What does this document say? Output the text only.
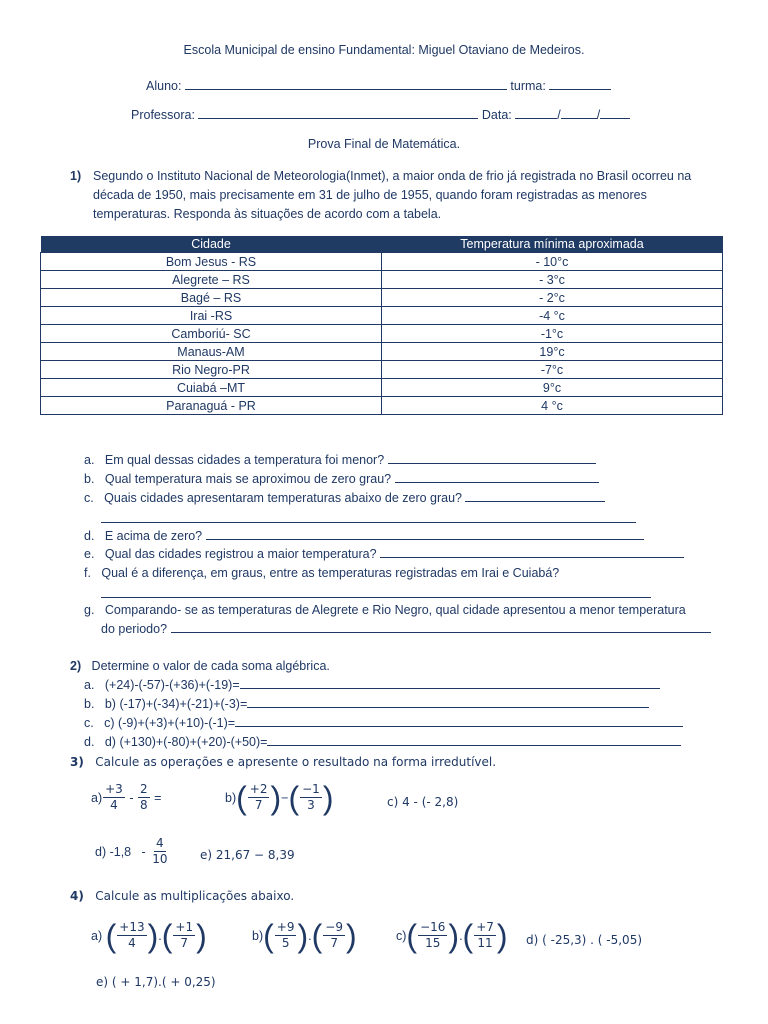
Escola Municipal de ensino Fundamental: Miguel Otaviano de Medeiros.
Aluno:	turma:
Professora:	Data:	/	/
Prova Final de Matemática.
1) Segundo o Instituto Nacional de Meteorologia(Inmet), a maior onda de frio já registrada no Brasil ocorreu na
década de 1950, mais precisamente em 31 de julho de 1955, quando foram registradas as menores
temperaturas. Responda às situações de acordo com a tabela.
Cidade	Temperatura mínima aproximada
Bom Jesus - RS	- 10°c
Alegrete – RS	- 3°c
Bagé – RS	- 2°c
Irai -RS	-4 °c
Camboriú- SC	-1°c
Manaus-AM	19°c
Rio Negro-PR	-7°c
Cuiabá –MT	9°c
Paranaguá - PR	4 °c
a. Em qual dessas cidades a temperatura foi menor?
b. Qual temperatura mais se aproximou de zero grau?
c. Quais cidades apresentaram temperaturas abaixo de zero grau?
d. E acima de zero?
e. Qual das cidades registrou a maior temperatura?
f. Qual é a diferença, em graus, entre as temperaturas registradas em Irai e Cuiabá?
g. Comparando- se as temperaturas de Alegrete e Rio Negro, qual cidade apresentou a menor temperatura
do periodo?
2) Determine o valor de cada soma algébrica.
a. (+24)-(-57)-(+36)+(-19)=
b. b) (-17)+(-34)+(-21)+(-3)=
c. c) (-9)+(+3)+(+10)-(-1)=
d. d) (+130)+(-80)+(+20)-(+50)=
3) Calcule as operações e apresente o resultado na forma irredutível.
$a) \frac{+3}{4}$
-
$\frac{2}{8}$
=	b) ( $\frac{+2}{7}$ ) − ( $\frac{-1}{3}$ )	c) 4 - (- 2,8)
d) -1,8   -
$\frac{4}{10}$	e) 21,67 − 8,39
4) Calcule as multiplicações abaixo.
a)
( $\frac{+13}{4}$ ) . ( $\frac{+1}{7}$ )	b) ( $\frac{+9}{5}$ ) . ( $\frac{-9}{7}$ )	c) ( $\frac{-16}{15}$ ) . ( $\frac{+7}{11}$ ) d) ( -25,3) . ( -5,05)
e) ( + 1,7).( + 0,25)
